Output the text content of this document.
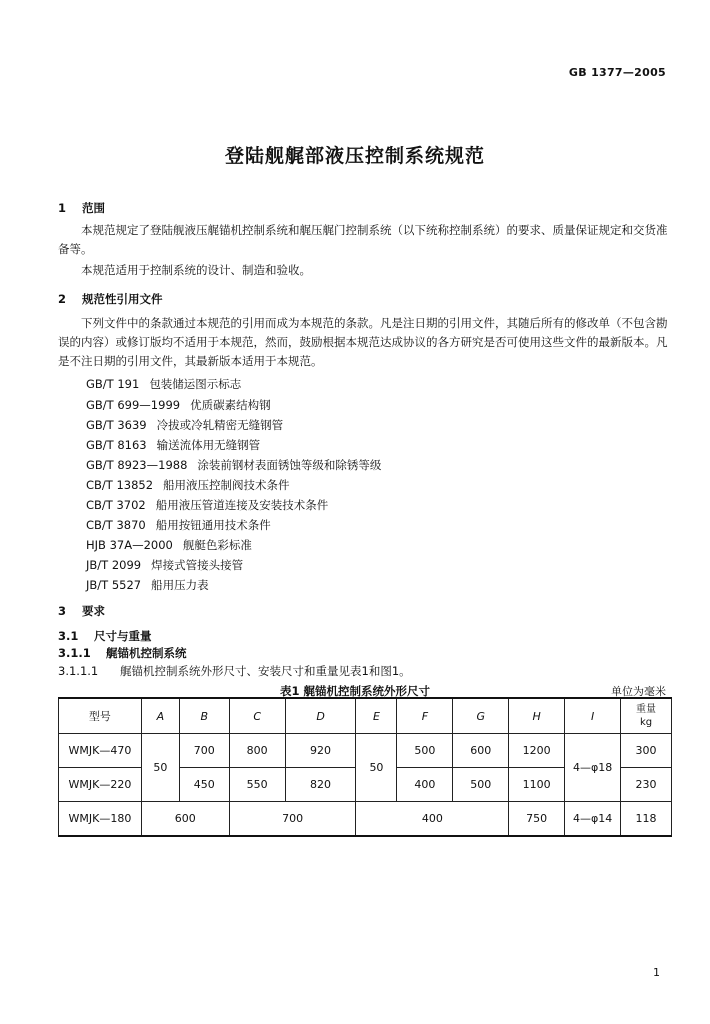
GB 1377—2005
登陆舰艉部液压控制系统规范
1 范围
本规范规定了登陆舰液压艉锚机控制系统和艉压艉门控制系统（以下统称控制系统）的要求、质量保证规定和交货准备等。
本规范适用于控制系统的设计、制造和验收。
2 规范性引用文件
下列文件中的条款通过本规范的引用而成为本规范的条款。凡是注日期的引用文件，其随后所有的修改单（不包含勘误的内容）或修订版均不适用于本规范，然而，鼓励根据本规范达成协议的各方研究是否可使用这些文件的最新版本。凡是不注日期的引用文件，其最新版本适用于本规范。
GB/T 191 包装储运图示标志
GB/T 699—1999 优质碳素结构钢
GB/T 3639 冷拔或冷轧精密无缝钢管
GB/T 8163 输送流体用无缝钢管
GB/T 8923—1988 涂装前钢材表面锈蚀等级和除锈等级
CB/T 13852 船用液压控制阀技术条件
CB/T 3702 船用液压管道连接及安装技术条件
CB/T 3870 船用按钮通用技术条件
HJB 37A—2000 舰艇色彩标准
JB/T 2099 焊接式管接头接管
JB/T 5527 船用压力表
3 要求
3.1 尺寸与重量
3.1.1 艉锚机控制系统
3.1.1.1 艉锚机控制系统外形尺寸、安装尺寸和重量见表1和图1。
表1 艉锚机控制系统外形尺寸	单位为毫米
型号	A	B	C	D	E	F	G	H	I	重量
kg

WMJK—470	50	700	800	920	50	500	600	1200	4—φ18	300
WMJK—220		450	550	820		400	500	1100		230
WMJK—180	600		700		400			750	4—φ14	118
1
